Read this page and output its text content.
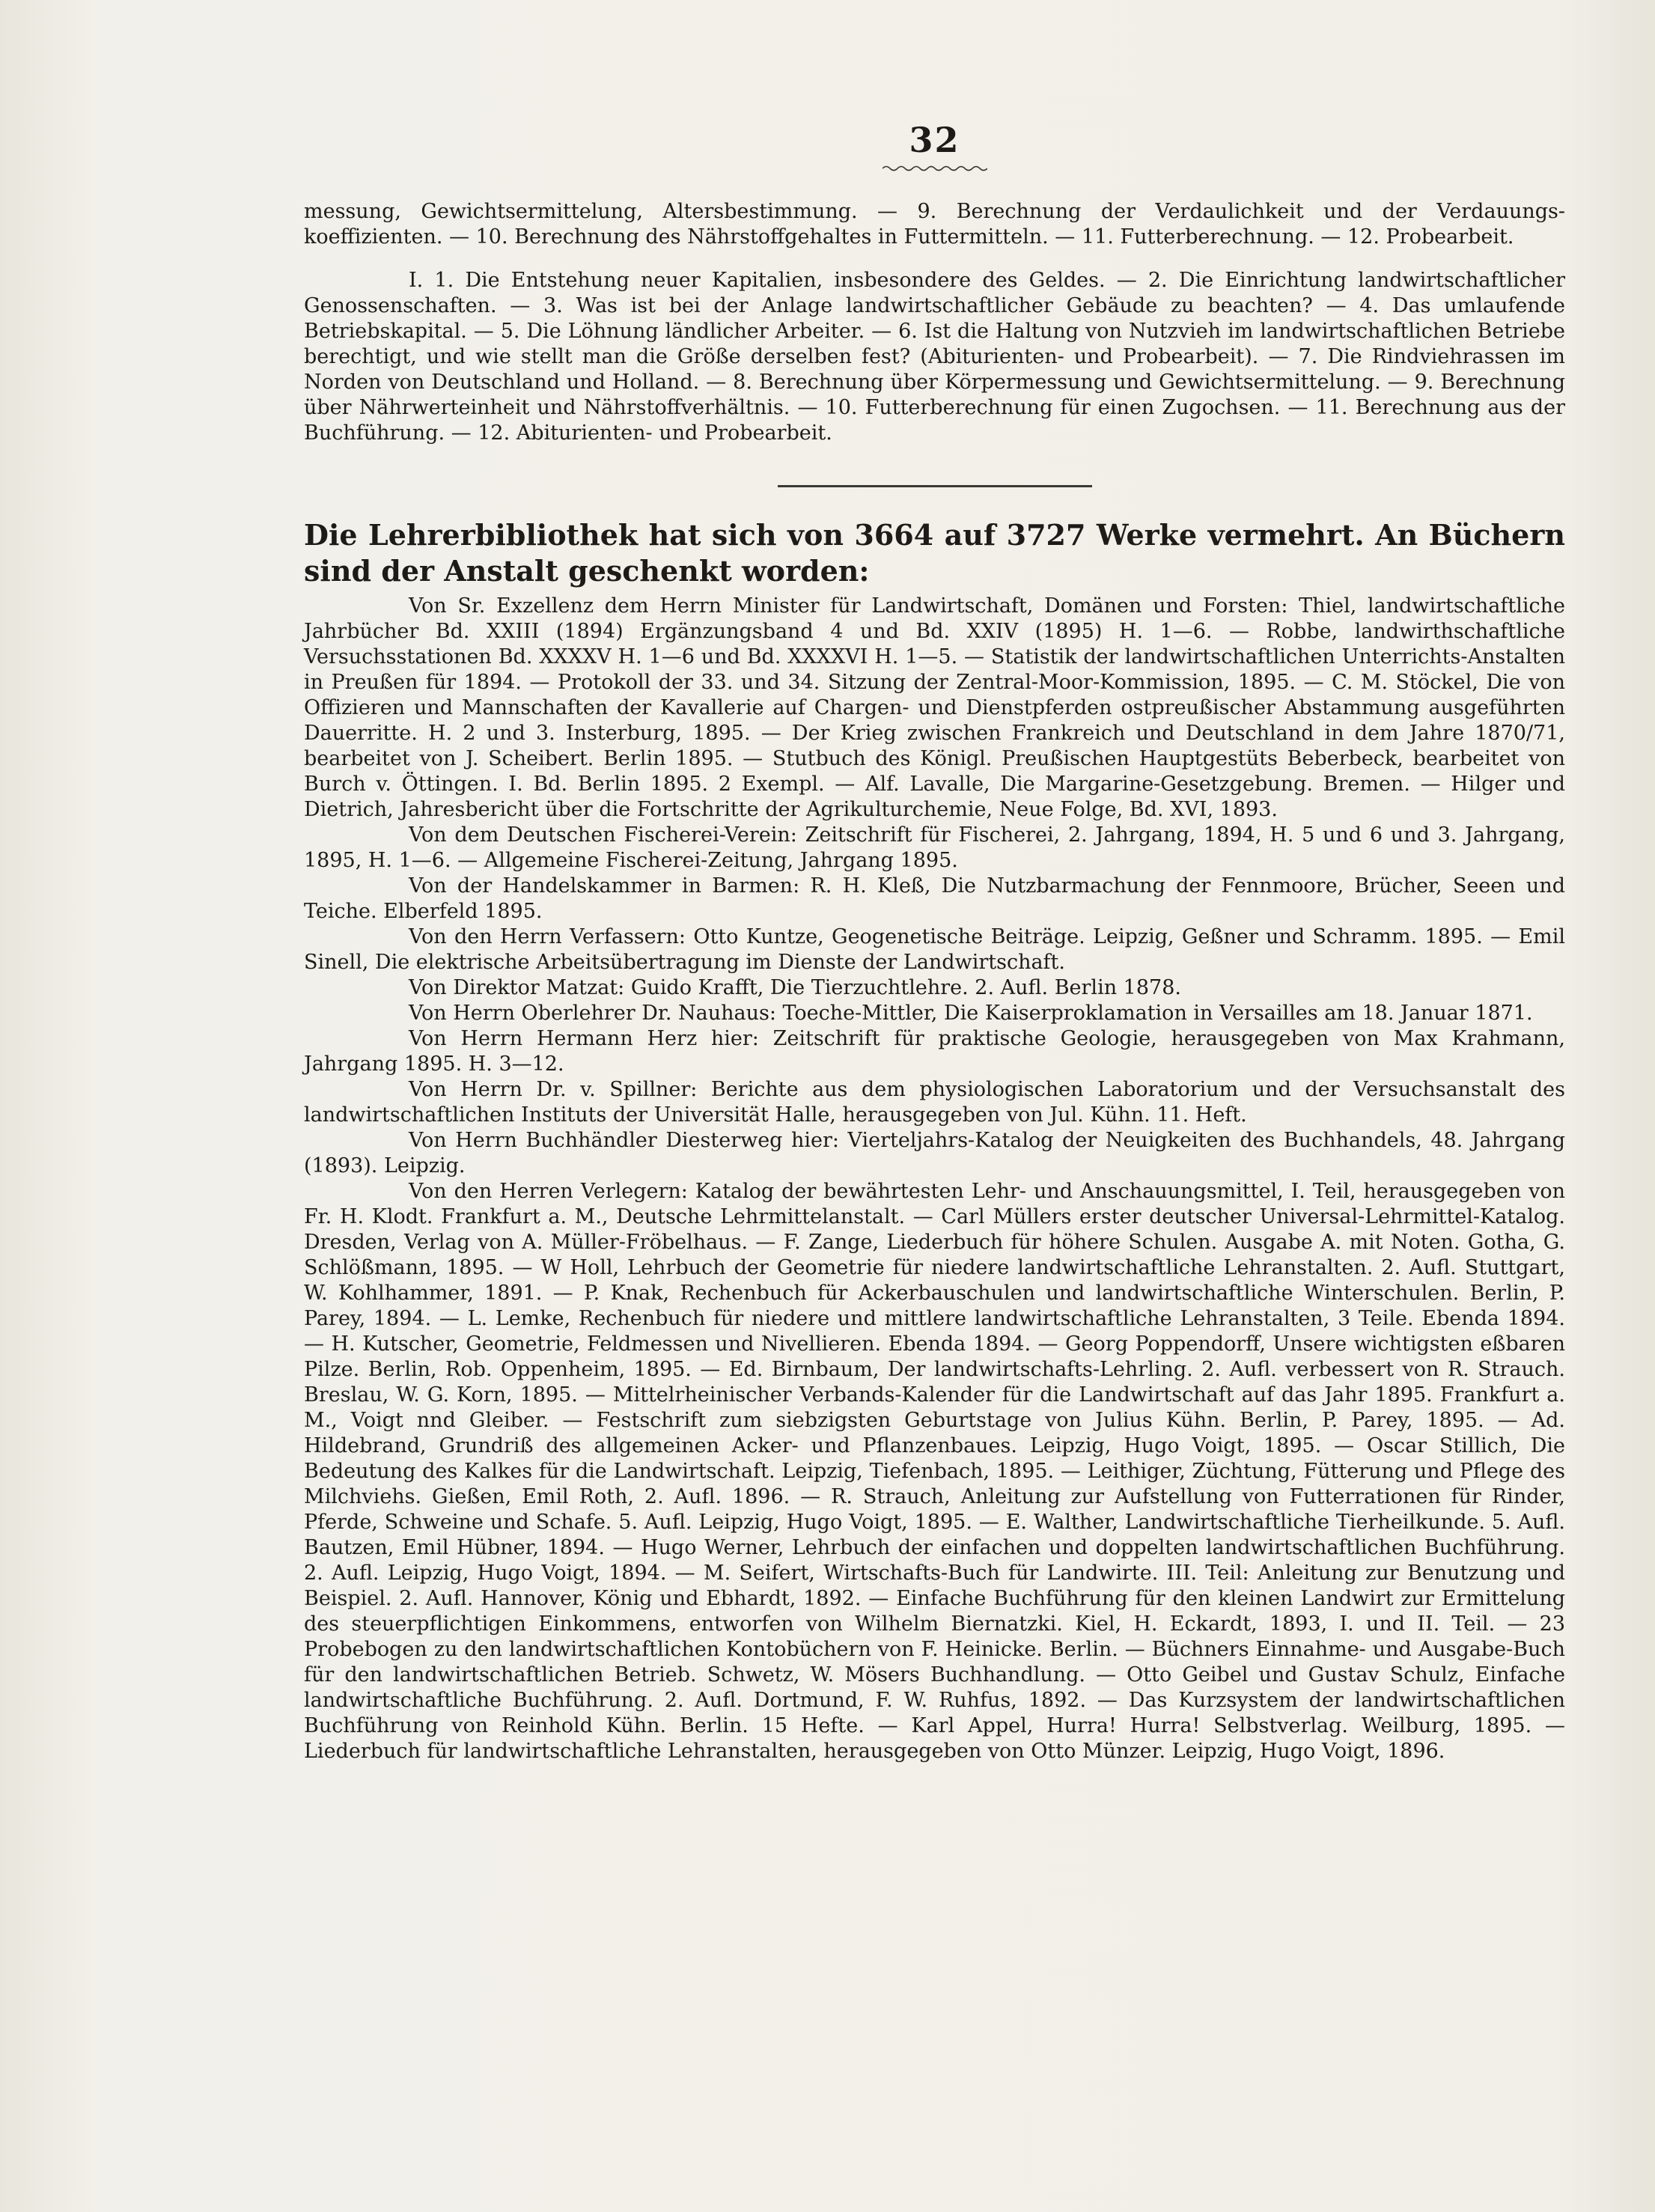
32

messung, Gewichtsermittelung, Altersbestimmung. — 9. Berechnung der Verdaulichkeit und der Verdauungs-koeffizienten. — 10. Berechnung des Nährstoffgehaltes in Futtermitteln. — 11. Futterberechnung. — 12. Probearbeit.

I. 1. Die Entstehung neuer Kapitalien, insbesondere des Geldes. — 2. Die Einrichtung landwirtschaftlicher Genossenschaften. — 3. Was ist bei der Anlage landwirtschaftlicher Gebäude zu beachten? — 4. Das umlaufende Betriebskapital. — 5. Die Löhnung ländlicher Arbeiter. — 6. Ist die Haltung von Nutzvieh im landwirtschaftlichen Betriebe berechtigt, und wie stellt man die Größe derselben fest? (Abiturienten- und Probearbeit). — 7. Die Rindviehrassen im Norden von Deutschland und Holland. — 8. Berechnung über Körpermessung und Gewichtsermittelung. — 9. Berechnung über Nährwerteinheit und Nährstoffverhältnis. — 10. Futterberechnung für einen Zugochsen. — 11. Berechnung aus der Buchführung. — 12. Abiturienten- und Probearbeit.

Die Lehrerbibliothek hat sich von 3664 auf 3727 Werke vermehrt. An Büchern sind der Anstalt geschenkt worden:

Von Sr. Exzellenz dem Herrn Minister für Landwirtschaft, Domänen und Forsten: Thiel, landwirtschaftliche Jahrbücher Bd. XXIII (1894) Ergänzungsband 4 und Bd. XXIV (1895) H. 1—6. — Robbe, landwirthschaftliche Versuchsstationen Bd. XXXXV H. 1—6 und Bd. XXXXVI H. 1—5. — Statistik der landwirtschaftlichen Unterrichts-Anstalten in Preußen für 1894. — Protokoll der 33. und 34. Sitzung der Zentral-Moor-Kommission, 1895. — C. M. Stöckel, Die von Offizieren und Mannschaften der Kavallerie auf Chargen- und Dienstpferden ostpreußischer Abstammung ausgeführten Dauerritte. H. 2 und 3. Insterburg, 1895. — Der Krieg zwischen Frankreich und Deutschland in dem Jahre 1870/71, bearbeitet von J. Scheibert. Berlin 1895. — Stutbuch des Königl. Preußischen Hauptgestüts Beberbeck, bearbeitet von Burch v. Öttingen. I. Bd. Berlin 1895. 2 Exempl. — Alf. Lavalle, Die Margarine-Gesetzgebung. Bremen. — Hilger und Dietrich, Jahresbericht über die Fortschritte der Agrikulturchemie, Neue Folge, Bd. XVI, 1893.

Von dem Deutschen Fischerei-Verein: Zeitschrift für Fischerei, 2. Jahrgang, 1894, H. 5 und 6 und 3. Jahrgang, 1895, H. 1—6. — Allgemeine Fischerei-Zeitung, Jahrgang 1895.

Von der Handelskammer in Barmen: R. H. Kleß, Die Nutzbarmachung der Fennmoore, Brücher, Seeen und Teiche. Elberfeld 1895.

Von den Herrn Verfassern: Otto Kuntze, Geogenetische Beiträge. Leipzig, Geßner und Schramm. 1895. — Emil Sinell, Die elektrische Arbeitsübertragung im Dienste der Landwirtschaft.

Von Direktor Matzat: Guido Krafft, Die Tierzuchtlehre. 2. Aufl. Berlin 1878.

Von Herrn Oberlehrer Dr. Nauhaus: Toeche-Mittler, Die Kaiserproklamation in Versailles am 18. Januar 1871.

Von Herrn Hermann Herz hier: Zeitschrift für praktische Geologie, herausgegeben von Max Krahmann, Jahrgang 1895. H. 3—12.

Von Herrn Dr. v. Spillner: Berichte aus dem physiologischen Laboratorium und der Versuchsanstalt des landwirtschaftlichen Instituts der Universität Halle, herausgegeben von Jul. Kühn. 11. Heft.

Von Herrn Buchhändler Diesterweg hier: Vierteljahrs-Katalog der Neuigkeiten des Buchhandels, 48. Jahrgang (1893). Leipzig.

Von den Herren Verlegern: Katalog der bewährtesten Lehr- und Anschauungsmittel, I. Teil, herausgegeben von Fr. H. Klodt. Frankfurt a. M., Deutsche Lehrmittelanstalt. — Carl Müllers erster deutscher Universal-Lehrmittel-Katalog. Dresden, Verlag von A. Müller-Fröbelhaus. — F. Zange, Liederbuch für höhere Schulen. Ausgabe A. mit Noten. Gotha, G. Schlößmann, 1895. — W Holl, Lehrbuch der Geometrie für niedere landwirtschaftliche Lehranstalten. 2. Aufl. Stuttgart, W. Kohlhammer, 1891. — P. Knak, Rechenbuch für Ackerbauschulen und landwirtschaftliche Winterschulen. Berlin, P. Parey, 1894. — L. Lemke, Rechenbuch für niedere und mittlere landwirtschaftliche Lehranstalten, 3 Teile. Ebenda 1894. — H. Kutscher, Geometrie, Feldmessen und Nivellieren. Ebenda 1894. — Georg Poppendorff, Unsere wichtigsten eßbaren Pilze. Berlin, Rob. Oppenheim, 1895. — Ed. Birnbaum, Der landwirtschafts-Lehrling. 2. Aufl. verbessert von R. Strauch. Breslau, W. G. Korn, 1895. — Mittelrheinischer Verbands-Kalender für die Landwirtschaft auf das Jahr 1895. Frankfurt a. M., Voigt nnd Gleiber. — Festschrift zum siebzigsten Geburtstage von Julius Kühn. Berlin, P. Parey, 1895. — Ad. Hildebrand, Grundriß des allgemeinen Acker- und Pflanzenbaues. Leipzig, Hugo Voigt, 1895. — Oscar Stillich, Die Bedeutung des Kalkes für die Landwirtschaft. Leipzig, Tiefenbach, 1895. — Leithiger, Züchtung, Fütterung und Pflege des Milchviehs. Gießen, Emil Roth, 2. Aufl. 1896. — R. Strauch, Anleitung zur Aufstellung von Futterrationen für Rinder, Pferde, Schweine und Schafe. 5. Aufl. Leipzig, Hugo Voigt, 1895. — E. Walther, Landwirtschaftliche Tierheilkunde. 5. Aufl. Bautzen, Emil Hübner, 1894. — Hugo Werner, Lehrbuch der einfachen und doppelten landwirtschaftlichen Buchführung. 2. Aufl. Leipzig, Hugo Voigt, 1894. — M. Seifert, Wirtschafts-Buch für Landwirte. III. Teil: Anleitung zur Benutzung und Beispiel. 2. Aufl. Hannover, König und Ebhardt, 1892. — Einfache Buchführung für den kleinen Landwirt zur Ermittelung des steuerpflichtigen Einkommens, entworfen von Wilhelm Biernatzki. Kiel, H. Eckardt, 1893, I. und II. Teil. — 23 Probebogen zu den landwirtschaftlichen Kontobüchern von F. Heinicke. Berlin. — Büchners Einnahme- und Ausgabe-Buch für den landwirtschaftlichen Betrieb. Schwetz, W. Mösers Buchhandlung. — Otto Geibel und Gustav Schulz, Einfache landwirtschaftliche Buchführung. 2. Aufl. Dortmund, F. W. Ruhfus, 1892. — Das Kurzsystem der landwirtschaftlichen Buchführung von Reinhold Kühn. Berlin. 15 Hefte. — Karl Appel, Hurra! Hurra! Selbstverlag. Weilburg, 1895. — Liederbuch für landwirtschaftliche Lehranstalten, herausgegeben von Otto Münzer. Leipzig, Hugo Voigt, 1896.
